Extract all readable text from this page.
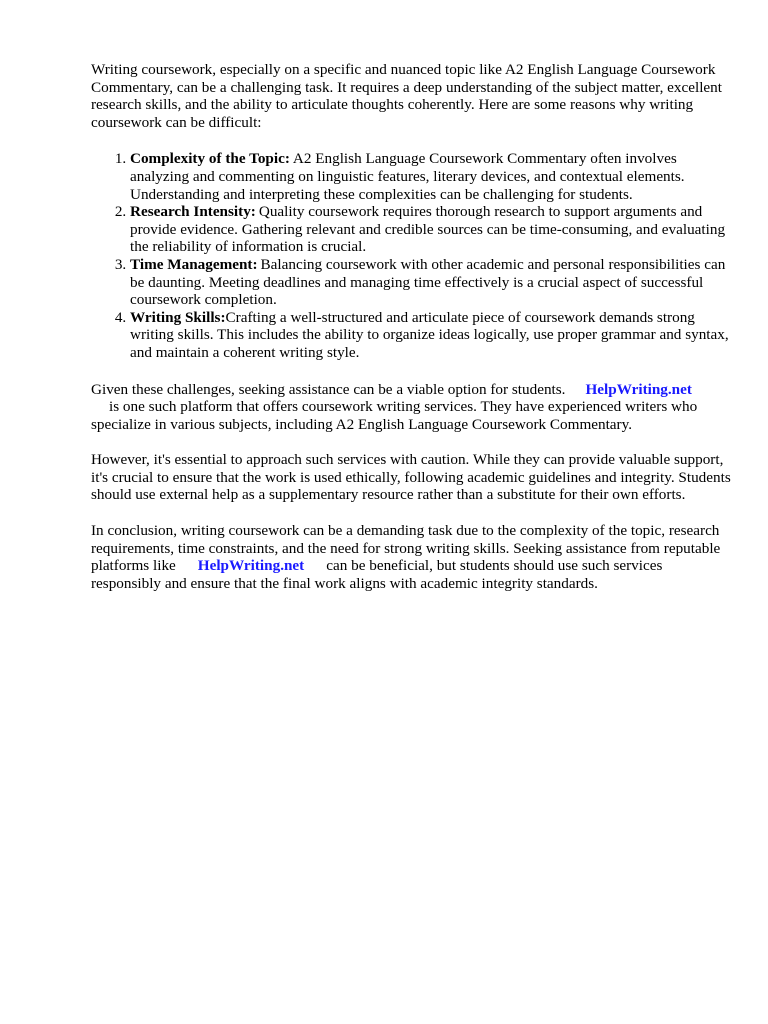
Writing coursework, especially on a specific and nuanced topic like A2 English Language Coursework Commentary, can be a challenging task. It requires a deep understanding of the subject matter, excellent research skills, and the ability to articulate thoughts coherently. Here are some reasons why writing coursework can be difficult:

1. Complexity of the Topic: A2 English Language Coursework Commentary often involves analyzing and commenting on linguistic features, literary devices, and contextual elements. Understanding and interpreting these complexities can be challenging for students.
2. Research Intensity: Quality coursework requires thorough research to support arguments and provide evidence. Gathering relevant and credible sources can be time-consuming, and evaluating the reliability of information is crucial.
3. Time Management: Balancing coursework with other academic and personal responsibilities can be daunting. Meeting deadlines and managing time effectively is a crucial aspect of successful coursework completion.
4. Writing Skills:Crafting a well-structured and articulate piece of coursework demands strong writing skills. This includes the ability to organize ideas logically, use proper grammar and syntax, and maintain a coherent writing style.

Given these challenges, seeking assistance can be a viable option for students. HelpWriting.net
is one such platform that offers coursework writing services. They have experienced writers who specialize in various subjects, including A2 English Language Coursework Commentary.

However, it's essential to approach such services with caution. While they can provide valuable support, it's crucial to ensure that the work is used ethically, following academic guidelines and integrity. Students should use external help as a supplementary resource rather than a substitute for their own efforts.

In conclusion, writing coursework can be a demanding task due to the complexity of the topic, research requirements, time constraints, and the need for strong writing skills. Seeking assistance from reputable platforms like HelpWriting.net can be beneficial, but students should use such services responsibly and ensure that the final work aligns with academic integrity standards.
